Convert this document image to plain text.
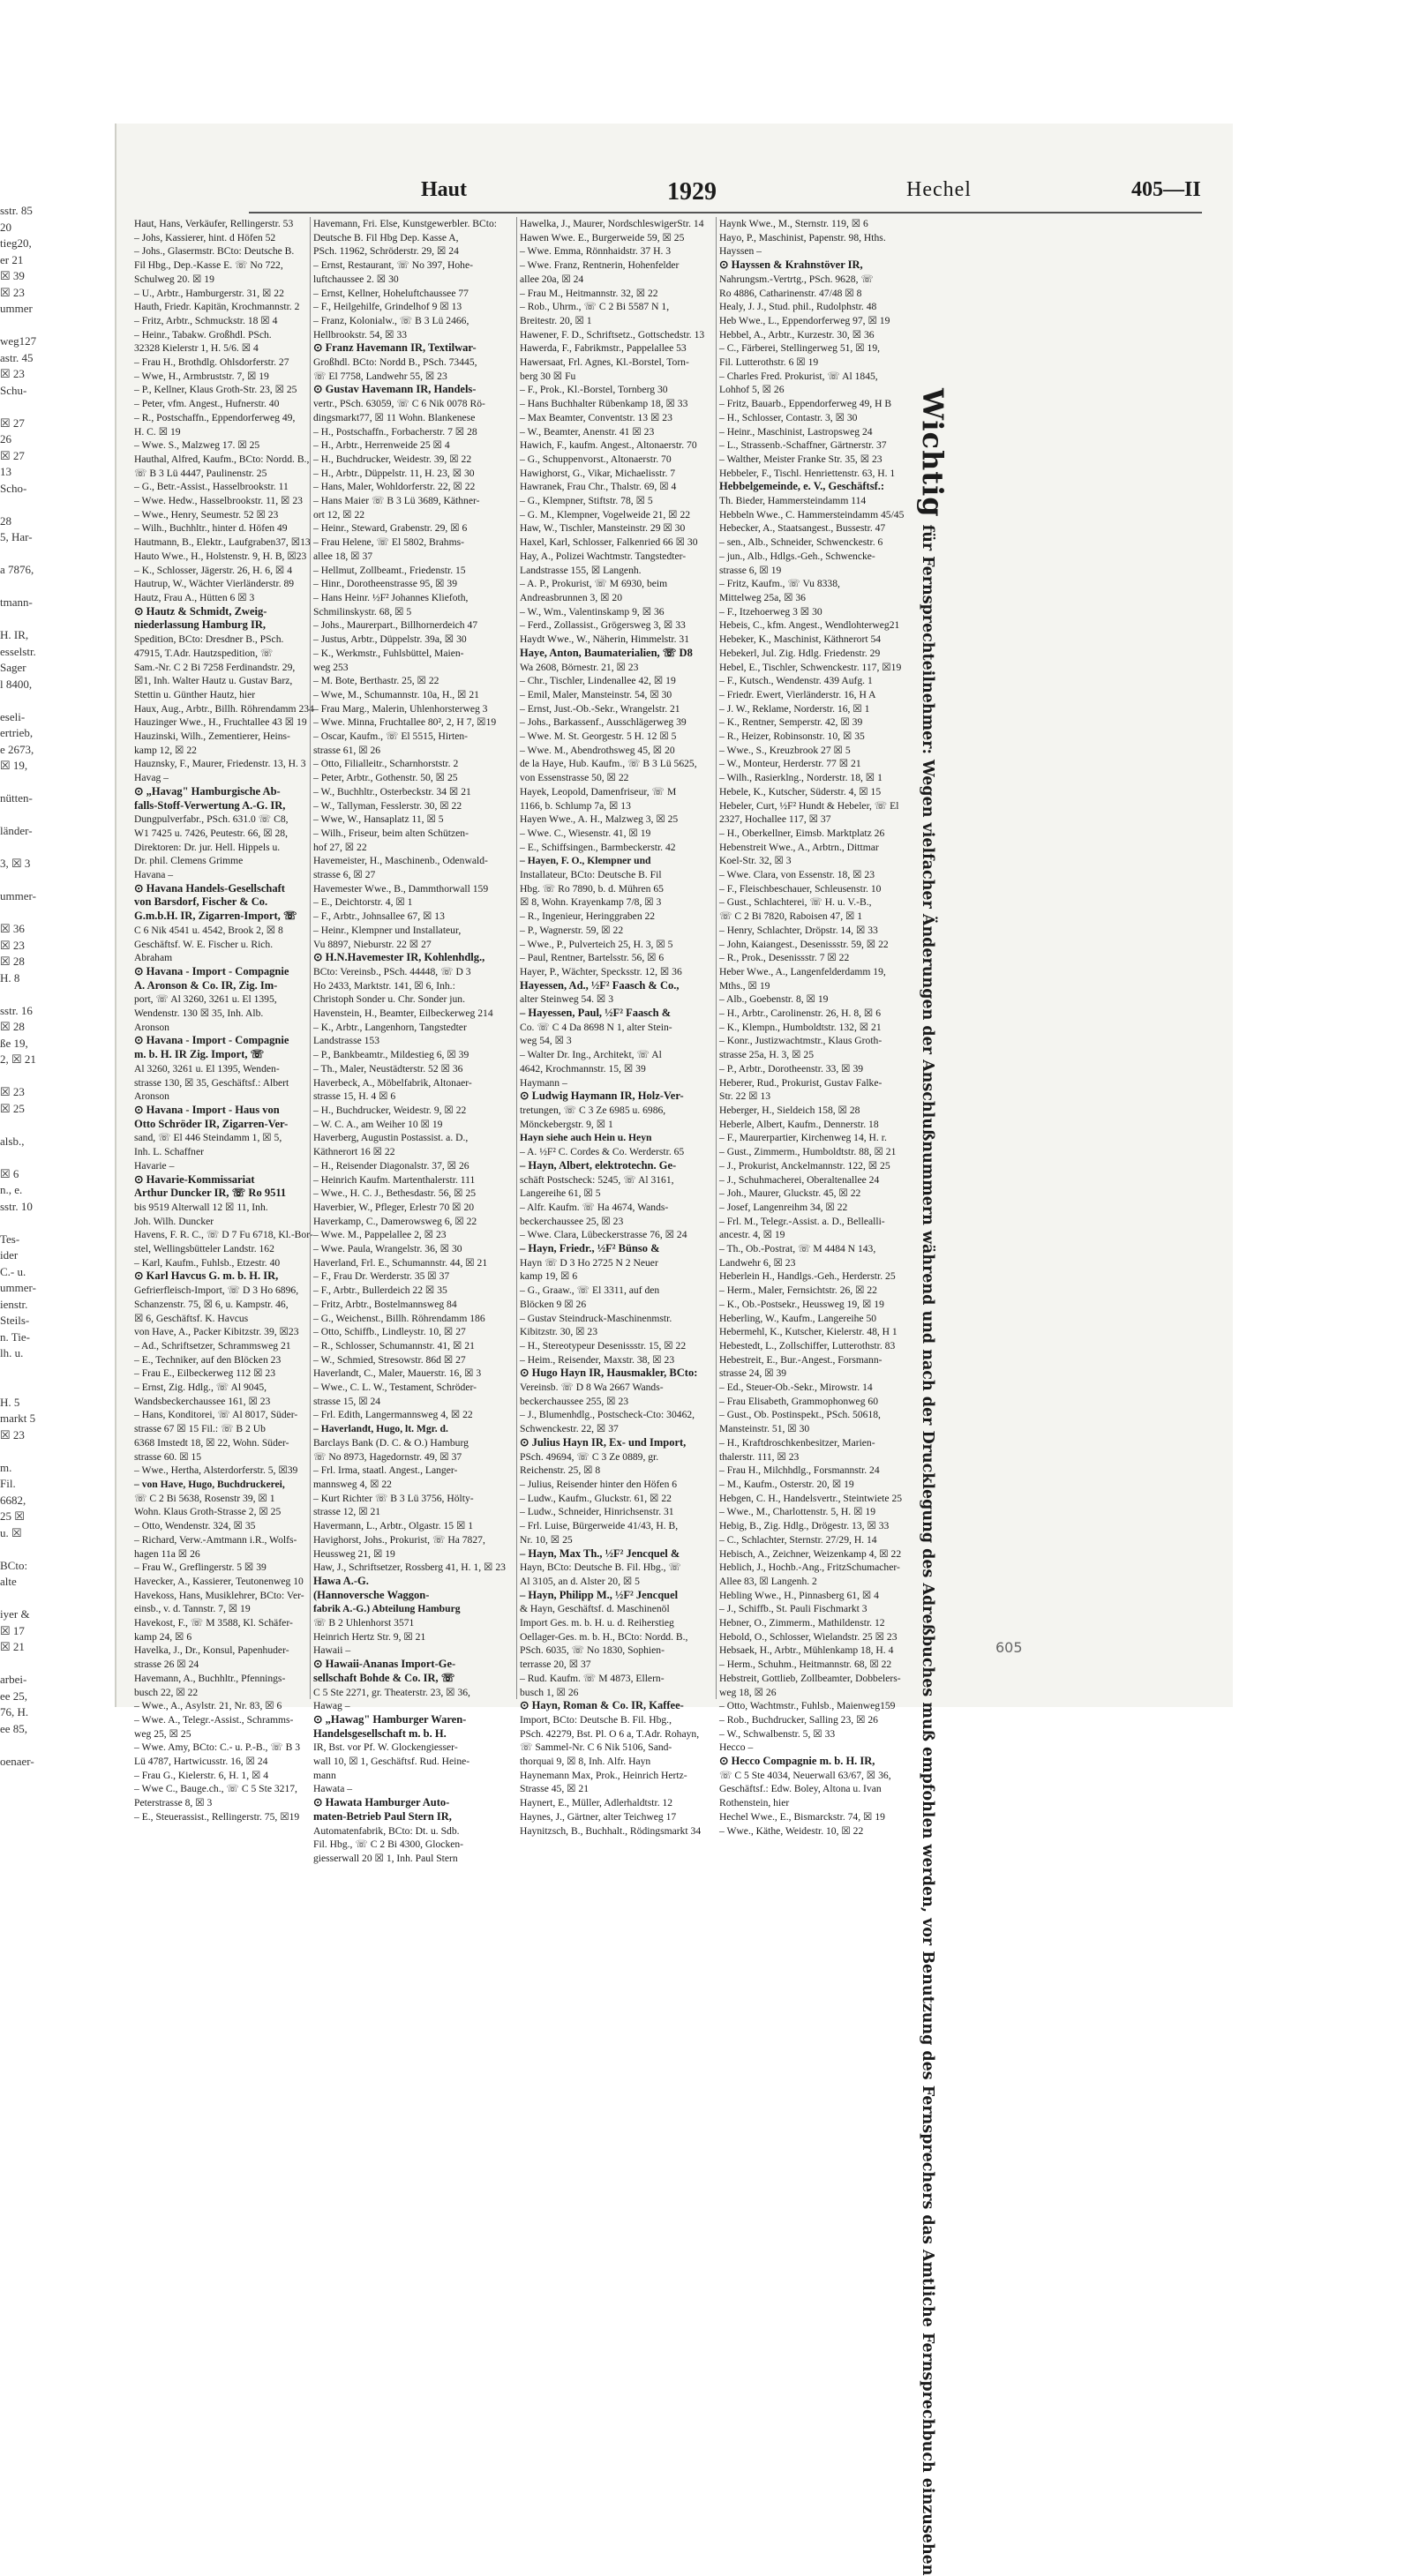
sstr. 85
20
tieg20,
er 21
☒ 39
☒ 23
ummer

weg127
astr. 45
☒ 23
Schu-

☒ 27
26
☒ 27
13
Scho-

28
5, Har-

a 7876,

tmann-

H. IR,
esselstr.
Sager
l 8400,

eseli-
ertrieb,
e 2673,
☒ 19,

nütten-

länder-

3, ☒ 3

ummer-

☒ 36
☒ 23
☒ 28
H. 8

sstr. 16
☒ 28
ße 19,
2, ☒ 21

☒ 23
☒ 25

alsb.,

☒ 6
n., e.
sstr. 10

Tes-
ider
C.- u.
ummer-
ienstr.
Steils-
n. Tie-
lh. u.

H. 5
markt 5
☒ 23

m.
Fil.
6682,
25 ☒
u. ☒

BCto:
alte

iyer &
☒ 17
☒ 21

arbei-
ee 25,
76, H.
ee 85,

oenaer-
Haut	1929	Hechel	405—II
Haut, Hans, Verkäufer, Rellingerstr. 53
– Johs, Kassierer, hint. d Höfen 52
– Johs., Glasermstr. BCto: Deutsche B.
Fil Hbg., Dep.-Kasse E. ☏ No 722,
Schulweg 20. ☒ 19
– U., Arbtr., Hamburgerstr. 31, ☒ 22
Hauth, Friedr. Kapitän, Krochmannstr. 2
– Fritz, Arbtr., Schmuckstr. 18 ☒ 4
– Heinr., Tabakw. Großhdl. PSch.
32328 Kielerstr 1, H. 5/6. ☒ 4
– Frau H., Brothdlg. Ohlsdorferstr. 27
– Wwe, H., Armbruststr. 7, ☒ 19
– P., Kellner, Klaus Groth-Str. 23, ☒ 25
– Peter, vfm. Angest., Hufnerstr. 40
– R., Postschaffn., Eppendorferweg 49,
H. C. ☒ 19
– Wwe. S., Malzweg 17. ☒ 25
Hauthal, Alfred, Kaufm., BCto: Nordd. B.,
☏ B 3 Lü 4447, Paulinenstr. 25
– G., Betr.-Assist., Hasselbrookstr. 11
– Wwe. Hedw., Hasselbrookstr. 11, ☒ 23
– Wwe., Henry, Seumestr. 52 ☒ 23
– Wilh., Buchhltr., hinter d. Höfen 49
Hautmann, B., Elektr., Laufgraben37, ☒13
Hauto Wwe., H., Holstenstr. 9, H. B, ☒23
– K., Schlosser, Jägerstr. 26, H. 6, ☒ 4
Hautrup, W., Wächter Vierländerstr. 89
Hautz, Frau A., Hütten 6 ☒ 3
⊙ Hautz & Schmidt, Zweig-
niederlassung Hamburg IR,
Spedition, BCto: Dresdner B., PSch.
47915, T.Adr. Hautzspedition, ☏
Sam.-Nr. C 2 Bi 7258 Ferdinandstr. 29,
☒1, Inh. Walter Hautz u. Gustav Barz,
Stettin u. Günther Hautz, hier
Haux, Aug., Arbtr., Billh. Röhrendamm 234
Hauzinger Wwe., H., Fruchtallee 43 ☒ 19
Hauzinski, Wilh., Zementierer, Heins-
kamp 12, ☒ 22
Hauznsky, F., Maurer, Friedenstr. 13, H. 3
Havag –
⊙ „Havag" Hamburgische Ab-
falls-Stoff-Verwertung A.-G. IR,
Dungpulverfabr., PSch. 631.0 ☏ C8,
W1 7425 u. 7426, Peutestr. 66, ☒ 28,
Direktoren: Dr. jur. Hell. Hippels u.
Dr. phil. Clemens Grimme
Havana –
⊙ Havana Handels-Gesellschaft
von Barsdorf, Fischer & Co.
G.m.b.H. IR, Zigarren-Import, ☏
C 6 Nik 4541 u. 4542, Brook 2, ☒ 8
Geschäftsf. W. E. Fischer u. Rich.
Abraham
⊙ Havana - Import - Compagnie
A. Aronson & Co. IR, Zig. Im-
port, ☏ Al 3260, 3261 u. El 1395,
Wendenstr. 130 ☒ 35, Inh. Alb.
Aronson
⊙ Havana - Import - Compagnie
m. b. H. IR Zig. Import, ☏
Al 3260, 3261 u. El 1395, Wenden-
strasse 130, ☒ 35, Geschäftsf.: Albert
Aronson
⊙ Havana - Import - Haus von
Otto Schröder IR, Zigarren-Ver-
sand, ☏ El 446 Steindamm 1, ☒ 5,
Inh. L. Schaffner
Havarie –
⊙ Havarie-Kommissariat
Arthur Duncker IR, ☏ Ro 9511
bis 9519 Alterwall 12 ☒ 11, Inh.
Joh. Wilh. Duncker
Havens, F. R. C., ☏ D 7 Fu 6718, Kl.-Bor-
stel, Wellingsbütteler Landstr. 162
– Karl, Kaufm., Fuhlsb., Etzestr. 40
⊙ Karl Havcus G. m. b. H. IR,
Gefrierfleisch-Import, ☏ D 3 Ho 6896,
Schanzenstr. 75, ☒ 6, u. Kampstr. 46,
☒ 6, Geschäftsf. K. Havcus
von Have, A., Packer Kibitzstr. 39, ☒23
– Ad., Schriftsetzer, Schrammsweg 21
– E., Techniker, auf den Blöcken 23
– Frau E., Eilbeckerweg 112 ☒ 23
– Ernst, Zig. Hdlg., ☏ Al 9045,
Wandsbeckerchaussee 161, ☒ 23
– Hans, Konditorei, ☏ Al 8017, Süder-
strasse 67 ☒ 15 Fil.: ☏ B 2 Ub
6368 Imstedt 18, ☒ 22, Wohn. Süder-
strasse 60. ☒ 15
– Wwe., Hertha, Alsterdorferstr. 5, ☒39
– von Have, Hugo, Buchdruckerei,
☏ C 2 Bi 5638, Rosenstr 39, ☒ 1
Wohn. Klaus Groth-Strasse 2, ☒ 25
– Otto, Wendenstr. 324, ☒ 35
– Richard, Verw.-Amtmann i.R., Wolfs-
hagen 11a ☒ 26
– Frau W., Greflingerstr. 5 ☒ 39
Havecker, A., Kassierer, Teutonenweg 10
Havekoss, Hans, Musiklehrer, BCto: Ver-
einsb., v. d. Tannstr. 7, ☒ 19
Havekost, F., ☏ M 3588, Kl. Schäfer-
kamp 24, ☒ 6
Havelka, J., Dr., Konsul, Papenhuder-
strasse 26 ☒ 24
Havemann, A., Buchhltr., Pfennings-
busch 22, ☒ 22
– Wwe., A., Asylstr. 21, Nr. 83, ☒ 6
– Wwe. A., Telegr.-Assist., Schramms-
weg 25, ☒ 25
– Wwe. Amy, BCto: C.- u. P.-B., ☏ B 3
Lü 4787, Hartwicusstr. 16, ☒ 24
– Frau G., Kielerstr. 6, H. 1, ☒ 4
– Wwe C., Bauge.ch., ☏ C 5 Ste 3217,
Peterstrasse 8, ☒ 3
– E., Steuerassist., Rellingerstr. 75, ☒19
Havemann, Fri. Else, Kunstgewerbler. BCto:
Deutsche B. Fil Hbg Dep. Kasse A,
PSch. 11962, Schröderstr. 29, ☒ 24
– Ernst, Restaurant, ☏ No 397, Hohe-
luftchaussee 2. ☒ 30
– Ernst, Kellner, Hoheluftchaussee 77
– F., Heilgehilfe, Grindelhof 9 ☒ 13
– Franz, Kolonialw., ☏ B 3 Lü 2466,
Hellbrookstr. 54, ☒ 33
⊙ Franz Havemann IR, Textilwar-
Großhdl. BCto: Nordd B., PSch. 73445,
☏ El 7758, Landwehr 55, ☒ 23
⊙ Gustav Havemann IR, Handels-
vertr., PSch. 63059, ☏ C 6 Nik 0078 Rö-
dingsmarkt77, ☒ 11 Wohn. Blankenese
– H., Postschaffn., Forbacherstr. 7 ☒ 28
– H., Arbtr., Herrenweide 25 ☒ 4
– H., Buchdrucker, Weidestr. 39, ☒ 22
– H., Arbtr., Düppelstr. 11, H. 23, ☒ 30
– Hans, Maler, Wohldorferstr. 22, ☒ 22
– Hans Maier ☏ B 3 Lü 3689, Käthner-
ort 12, ☒ 22
– Heinr., Steward, Grabenstr. 29, ☒ 6
– Frau Helene, ☏ El 5802, Brahms-
allee 18, ☒ 37
– Hellmut, Zollbeamt., Friedenstr. 15
– Hinr., Dorotheenstrasse 95, ☒ 39
– Hans Heinr. ½F² Johannes Kliefoth,
Schmilinskystr. 68, ☒ 5
– Johs., Maurerpart., Billhornerdeich 47
– Justus, Arbtr., Düppelstr. 39a, ☒ 30
– K., Werkmstr., Fuhlsbüttel, Maien-
weg 253
– M. Bote, Berthastr. 25, ☒ 22
– Wwe, M., Schumannstr. 10a, H., ☒ 21
– Frau Marg., Malerin, Uhlenhorsterweg 3
– Wwe. Minna, Fruchtallee 80², 2, H 7, ☒19
– Oscar, Kaufm., ☏ El 5515, Hirten-
strasse 61, ☒ 26
– Otto, Filialleitr., Scharnhorststr. 2
– Peter, Arbtr., Gothenstr. 50, ☒ 25
– W., Buchhltr., Osterbeckstr. 34 ☒ 21
– W., Tallyman, Fesslerstr. 30, ☒ 22
– Wwe, W., Hansaplatz 11, ☒ 5
– Wilh., Friseur, beim alten Schützen-
hof 27, ☒ 22
Havemeister, H., Maschinenb., Odenwald-
strasse 6, ☒ 27
Havemester Wwe., B., Dammthorwall 159
– E., Deichtorstr. 4, ☒ 1
– F., Arbtr., Johnsallee 67, ☒ 13
– Heinr., Klempner und Installateur,
Vu 8897, Nieburstr. 22 ☒ 27
⊙ H.N.Havemester IR, Kohlenhdlg.,
BCto: Vereinsb., PSch. 44448, ☏ D 3
Ho 2433, Marktstr. 141, ☒ 6, Inh.:
Christoph Sonder u. Chr. Sonder jun.
Havenstein, H., Beamter, Eilbeckerweg 214
– K., Arbtr., Langenhorn, Tangstedter
Landstrasse 153
– P., Bankbeamtr., Mildestieg 6, ☒ 39
– Th., Maler, Neustädterstr. 52 ☒ 36
Haverbeck, A., Möbelfabrik, Altonaer-
strasse 15, H. 4 ☒ 6
– H., Buchdrucker, Weidestr. 9, ☒ 22
– W. C. A., am Weiher 10 ☒ 19
Haverberg, Augustin Postassist. a. D.,
Käthnerort 16 ☒ 22
– H., Reisender Diagonalstr. 37, ☒ 26
– Heinrich Kaufm. Martenthalerstr. 111
– Wwe., H. C. J., Bethesdastr. 56, ☒ 25
Haverbier, W., Pfleger, Erlestr 70 ☒ 20
Haverkamp, C., Damerowsweg 6, ☒ 22
– Wwe. M., Pappelallee 2, ☒ 23
– Wwe. Paula, Wrangelstr. 36, ☒ 30
Haverland, Frl. E., Schumannstr. 44, ☒ 21
– F., Frau Dr. Werderstr. 35 ☒ 37
– F., Arbtr., Bullerdeich 22 ☒ 35
– Fritz, Arbtr., Bostelmannsweg 84
– G., Weichenst., Billh. Röhrendamm 186
– Otto, Schiffb., Lindleystr. 10, ☒ 27
– R., Schlosser, Schumannstr. 41, ☒ 21
– W., Schmied, Stresowstr. 86d ☒ 27
Haverlandt, C., Maler, Mauerstr. 16, ☒ 3
– Wwe., C. L. W., Testament, Schröder-
strasse 15, ☒ 24
– Frl. Edith, Langermannsweg 4, ☒ 22
– Haverlandt, Hugo, lt. Mgr. d.
Barclays Bank (D. C. & O.) Hamburg
☏ No 8973, Hagedornstr. 49, ☒ 37
– Frl. Irma, staatl. Angest., Langer-
mannsweg 4, ☒ 22
– Kurt Richter ☏ B 3 Lü 3756, Hölty-
strasse 12, ☒ 21
Havermann, L., Arbtr., Olgastr. 15 ☒ 1
Havighorst, Johs., Prokurist, ☏ Ha 7827,
Heussweg 21, ☒ 19
Haw, J., Schriftsetzer, Rossberg 41, H. 1, ☒ 23
Hawa A.-G.
(Hannoversche Waggon-
fabrik A.-G.) Abteilung Hamburg
☏ B 2 Uhlenhorst 3571
Heinrich Hertz Str. 9, ☒ 21
Hawaii –
⊙ Hawaii-Ananas Import-Ge-
sellschaft Bohde & Co. IR, ☏
C 5 Ste 2271, gr. Theaterstr. 23, ☒ 36,
Hawag –
⊙ „Hawag" Hamburger Waren-
Handelsgesellschaft m. b. H.
IR, Bst. vor Pf. W. Glockengiesser-
wall 10, ☒ 1, Geschäftsf. Rud. Heine-
mann
Hawata –
⊙ Hawata Hamburger Auto-
maten-Betrieb Paul Stern IR,
Automatenfabrik, BCto: Dt. u. Sdb.
Fil. Hbg., ☏ C 2 Bi 4300, Glocken-
giesserwall 20 ☒ 1, Inh. Paul Stern
Hawelka, J., Maurer, NordschleswigerStr. 14
Hawen Wwe. E., Burgerweide 59, ☒ 25
– Wwe. Emma, Rönnhaidstr. 37 H. 3
– Wwe. Franz, Rentnerin, Hohenfelder
allee 20a, ☒ 24
– Frau M., Heitmannstr. 32, ☒ 22
– Rob., Uhrm., ☏ C 2 Bi 5587 N 1,
Breitestr. 20, ☒ 1
Hawener, F. D., Schriftsetz., Gottschedstr. 13
Hawerda, F., Fabrikmstr., Pappelallee 53
Hawersaat, Frl. Agnes, Kl.-Borstel, Torn-
berg 30 ☒ Fu
– F., Prok., Kl.-Borstel, Tornberg 30
– Hans Buchhalter Rübenkamp 18, ☒ 33
– Max Beamter, Conventstr. 13 ☒ 23
– W., Beamter, Anenstr. 41 ☒ 23
Hawich, F., kaufm. Angest., Altonaerstr. 70
– G., Schuppenvorst., Altonaerstr. 70
Hawighorst, G., Vikar, Michaelisstr. 7
Hawranek, Frau Chr., Thalstr. 69, ☒ 4
– G., Klempner, Stiftstr. 78, ☒ 5
– G. M., Klempner, Vogelweide 21, ☒ 22
Haw, W., Tischler, Mansteinstr. 29 ☒ 30
Haxel, Karl, Schlosser, Falkenried 66 ☒ 30
Hay, A., Polizei Wachtmstr. Tangstedter-
Landstrasse 155, ☒ Langenh.
– A. P., Prokurist, ☏ M 6930, beim
Andreasbrunnen 3, ☒ 20
– W., Wm., Valentinskamp 9, ☒ 36
– Ferd., Zollassist., Grögersweg 3, ☒ 33
Haydt Wwe., W., Näherin, Himmelstr. 31
Haye, Anton, Baumaterialien, ☏ D8
Wa 2608, Börnestr. 21, ☒ 23
– Chr., Tischler, Lindenallee 42, ☒ 19
– Emil, Maler, Mansteinstr. 54, ☒ 30
– Ernst, Just.-Ob.-Sekr., Wrangelstr. 21
– Johs., Barkassenf., Ausschlägerweg 39
– Wwe. M. St. Georgestr. 5 H. 12 ☒ 5
– Wwe. M., Abendrothsweg 45, ☒ 20
de la Haye, Hub. Kaufm., ☏ B 3 Lü 5625,
von Essenstrasse 50, ☒ 22
Hayek, Leopold, Damenfriseur, ☏ M
1166, b. Schlump 7a, ☒ 13
Hayen Wwe., A. H., Malzweg 3, ☒ 25
– Wwe. C., Wiesenstr. 41, ☒ 19
– E., Schiffsingen., Barmbeckerstr. 42
– Hayen, F. O., Klempner und
Installateur, BCto: Deutsche B. Fil
Hbg. ☏ Ro 7890, b. d. Mühren 65
☒ 8, Wohn. Krayenkamp 7/8, ☒ 3
– R., Ingenieur, Heringgraben 22
– P., Wagnerstr. 59, ☒ 22
– Wwe., P., Pulverteich 25, H. 3, ☒ 5
– Paul, Rentner, Bartelsstr. 56, ☒ 6
Hayer, P., Wächter, Specksstr. 12, ☒ 36
Hayessen, Ad., ½F² Faasch & Co.,
alter Steinweg 54. ☒ 3
– Hayessen, Paul, ½F² Faasch &
Co. ☏ C 4 Da 8698 N 1, alter Stein-
weg 54, ☒ 3
– Walter Dr. Ing., Architekt, ☏ Al
4642, Krochmannstr. 15, ☒ 39
Haymann –
⊙ Ludwig Haymann IR, Holz-Ver-
tretungen, ☏ C 3 Ze 6985 u. 6986,
Mönckebergstr. 9, ☒ 1
Hayn siehe auch Hein u. Heyn
– A. ½F² C. Cordes & Co. Werderstr. 65
– Hayn, Albert, elektrotechn. Ge-
schäft Postscheck: 5245, ☏ Al 3161,
Langereihe 61, ☒ 5
– Alfr. Kaufm. ☏ Ha 4674, Wands-
beckerchaussee 25, ☒ 23
– Wwe. Clara, Lübeckerstrasse 76, ☒ 24
– Hayn, Friedr., ½F² Bünso &
Hayn ☏ D 3 Ho 2725 N 2 Neuer
kamp 19, ☒ 6
– G., Graaw., ☏ El 3311, auf den
Blöcken 9 ☒ 26
– Gustav Steindruck-Maschinenmstr.
Kibitzstr. 30, ☒ 23
– H., Stereotypeur Desenissstr. 15, ☒ 22
– Heim., Reisender, Maxstr. 38, ☒ 23
⊙ Hugo Hayn IR, Hausmakler, BCto:
Vereinsb. ☏ D 8 Wa 2667 Wands-
beckerchaussee 255, ☒ 23
– J., Blumenhdlg., Postscheck-Cto: 30462,
Schwenckestr. 22, ☒ 37
⊙ Julius Hayn IR, Ex- und Import,
PSch. 49694, ☏ C 3 Ze 0889, gr.
Reichenstr. 25, ☒ 8
– Julius, Reisender hinter den Höfen 6
– Ludw., Kaufm., Gluckstr. 61, ☒ 22
– Ludw., Schneider, Hinrichsenstr. 31
– Frl. Luise, Bürgerweide 41/43, H. B,
Nr. 10, ☒ 25
– Hayn, Max Th., ½F² Jencquel &
Hayn, BCto: Deutsche B. Fil. Hbg., ☏
Al 3105, an d. Alster 20, ☒ 5
– Hayn, Philipp M., ½F² Jencquel
& Hayn, Geschäftsf. d. Maschinenöl
Import Ges. m. b. H. u. d. Reiherstieg
Oellager-Ges. m. b. H., BCto: Nordd. B.,
PSch. 6035, ☏ No 1830, Sophien-
terrasse 20, ☒ 37
– Rud. Kaufm. ☏ M 4873, Ellern-
busch 1, ☒ 26
⊙ Hayn, Roman & Co. IR, Kaffee-
Import, BCto: Deutsche B. Fil. Hbg.,
PSch. 42279, Bst. Pl. O 6 a, T.Adr. Rohayn,
☏ Sammel-Nr. C 6 Nik 5106, Sand-
thorquai 9, ☒ 8, Inh. Alfr. Hayn
Haynemann Max, Prok., Heinrich Hertz-
Strasse 45, ☒ 21
Haynert, E., Müller, Adlerhaldtstr. 12
Haynes, J., Gärtner, alter Teichweg 17
Haynitzsch, B., Buchhalt., Rödingsmarkt 34
Haynk Wwe., M., Sternstr. 119, ☒ 6
Hayo, P., Maschinist, Papenstr. 98, Hths.
Hayssen –
⊙ Hayssen & Krahnstöver IR,
Nahrungsm.-Vertrtg., PSch. 9628, ☏
Ro 4886, Catharinenstr. 47/48 ☒ 8
Healy, J. J., Stud. phil., Rudolphstr. 48
Heb Wwe., L., Eppendorferweg 97, ☒ 19
Hebbel, A., Arbtr., Kurzestr. 30, ☒ 36
– C., Färberei, Stellingerweg 51, ☒ 19,
Fil. Lutterothstr. 6 ☒ 19
– Charles Fred. Prokurist, ☏ Al 1845,
Lohhof 5, ☒ 26
– Fritz, Bauarb., Eppendorferweg 49, H B
– H., Schlosser, Contastr. 3, ☒ 30
– Heinr., Maschinist, Lastropsweg 24
– L., Strassenb.-Schaffner, Gärtnerstr. 37
– Walther, Meister Franke Str. 35, ☒ 23
Hebbeler, F., Tischl. Henriettenstr. 63, H. 1
Hebbelgemeinde, e. V., Geschäftsf.:
Th. Bieder, Hammersteindamm 114
Hebbeln Wwe., C. Hammersteindamm 45/45
Hebecker, A., Staatsangest., Bussestr. 47
– sen., Alb., Schneider, Schwenckestr. 6
– jun., Alb., Hdlgs.-Geh., Schwencke-
strasse 6, ☒ 19
– Fritz, Kaufm., ☏ Vu 8338,
Mittelweg 25a, ☒ 36
– F., Itzehoerweg 3 ☒ 30
Hebeis, C., kfm. Angest., Wendlohterweg21
Hebeker, K., Maschinist, Käthnerort 54
Hebekerl, Jul. Zig. Hdlg. Friedenstr. 29
Hebel, E., Tischler, Schwenckestr. 117, ☒19
– F., Kutsch., Wendenstr. 439 Aufg. 1
– Friedr. Ewert, Vierländerstr. 16, H A
– J. W., Reklame, Norderstr. 16, ☒ 1
– K., Rentner, Semperstr. 42, ☒ 39
– R., Heizer, Robinsonstr. 10, ☒ 35
– Wwe., S., Kreuzbrook 27 ☒ 5
– W., Monteur, Herderstr. 77 ☒ 21
– Wilh., Rasierklng., Norderstr. 18, ☒ 1
Hebele, K., Kutscher, Süderstr. 4, ☒ 15
Hebeler, Curt, ½F² Hundt & Hebeler, ☏ El
2327, Hochallee 117, ☒ 37
– H., Oberkellner, Eimsb. Marktplatz 26
Hebenstreit Wwe., A., Arbtrn., Dittmar
Koel-Str. 32, ☒ 3
– Wwe. Clara, von Essenstr. 18, ☒ 23
– F., Fleischbeschauer, Schleusenstr. 10
– Gust., Schlachterei, ☏ H. u. V.-B.,
☏ C 2 Bi 7820, Raboisen 47, ☒ 1
– Henry, Schlachter, Dröpstr. 14, ☒ 33
– John, Kaiangest., Desenissstr. 59, ☒ 22
– R., Prok., Desenissstr. 7 ☒ 22
Heber Wwe., A., Langenfelderdamm 19,
Mths., ☒ 19
– Alb., Goebenstr. 8, ☒ 19
– H., Arbtr., Carolinenstr. 26, H. 8, ☒ 6
– K., Klempn., Humboldtstr. 132, ☒ 21
– Konr., Justizwachtmstr., Klaus Groth-
strasse 25a, H. 3, ☒ 25
– P., Arbtr., Dorotheenstr. 33, ☒ 39
Heberer, Rud., Prokurist, Gustav Falke-
Str. 22 ☒ 13
Heberger, H., Sieldeich 158, ☒ 28
Heberle, Albert, Kaufm., Dennerstr. 18
– F., Maurerpartier, Kirchenweg 14, H. r.
– Gust., Zimmerm., Humboldtstr. 88, ☒ 21
– J., Prokurist, Anckelmannstr. 122, ☒ 25
– J., Schuhmacherei, Oberaltenallee 24
– Joh., Maurer, Gluckstr. 45, ☒ 22
– Josef, Langenreihm 34, ☒ 22
– Frl. M., Telegr.-Assist. a. D., Bellealli-
ancestr. 4, ☒ 19
– Th., Ob.-Postrat, ☏ M 4484 N 143,
Landwehr 6, ☒ 23
Heberlein H., Handlgs.-Geh., Herderstr. 25
– Herm., Maler, Fernsichtstr. 26, ☒ 22
– K., Ob.-Postsekr., Heussweg 19, ☒ 19
Heberling, W., Kaufm., Langereihe 50
Hebermehl, K., Kutscher, Kielerstr. 48, H 1
Hebestedt, L., Zollschiffer, Lutterothstr. 83
Hebestreit, E., Bur.-Angest., Forsmann-
strasse 24, ☒ 39
– Ed., Steuer-Ob.-Sekr., Mirowstr. 14
– Frau Elisabeth, Grammophonweg 60
– Gust., Ob. Postinspekt., PSch. 50618,
Mansteinstr. 51, ☒ 30
– H., Kraftdroschkenbesitzer, Marien-
thalerstr. 111, ☒ 23
– Frau H., Milchhdlg., Forsmannstr. 24
– M., Kaufm., Osterstr. 20, ☒ 19
Hebgen, C. H., Handelsvertr., Steintwiete 25
– Wwe., M., Charlottenstr. 5, H. ☒ 19
Hebig, B., Zig. Hdlg., Drögestr. 13, ☒ 33
– C., Schlachter, Sternstr. 27/29, H. 14
Hebisch, A., Zeichner, Weizenkamp 4, ☒ 22
Heblich, J., Hochb.-Ang., FritzSchumacher-
Allee 83, ☒ Langenh. 2
Hebling Wwe., H., Pinnasberg 61, ☒ 4
– J., Schiffb., St. Pauli Fischmarkt 3
Hebner, O., Zimmerm., Mathildenstr. 12
Hebold, O., Schlosser, Wielandstr. 25 ☒ 23
Hebsaek, H., Arbtr., Mühlenkamp 18, H. 4
– Herm., Schuhm., Heitmannstr. 68, ☒ 22
Hebstreit, Gottlieb, Zollbeamter, Dobbelers-
weg 18, ☒ 26
– Otto, Wachtmstr., Fuhlsb., Maienweg159
– Rob., Buchdrucker, Salling 23, ☒ 26
– W., Schwalbenstr. 5, ☒ 33
Hecco –
⊙ Hecco Compagnie m. b. H. IR,
☏ C 5 Ste 4034, Neuerwall 63/67, ☒ 36,
Geschäftsf.: Edw. Boley, Altona u. Ivan
Rothenstein, hier
Hechel Wwe., E., Bismarckstr. 74, ☒ 19
– Wwe., Käthe, Weidestr. 10, ☒ 22
Wichtigfür Fernsprechteilnehmer: Wegen vielfacher Änderungen der Anschlußnummern während und nach der Drucklegung des Adreßbuches muß empfohlen werden, vor Benutzung des Fernsprechers das Amtliche Fernsprechbuch einzusehen	605
